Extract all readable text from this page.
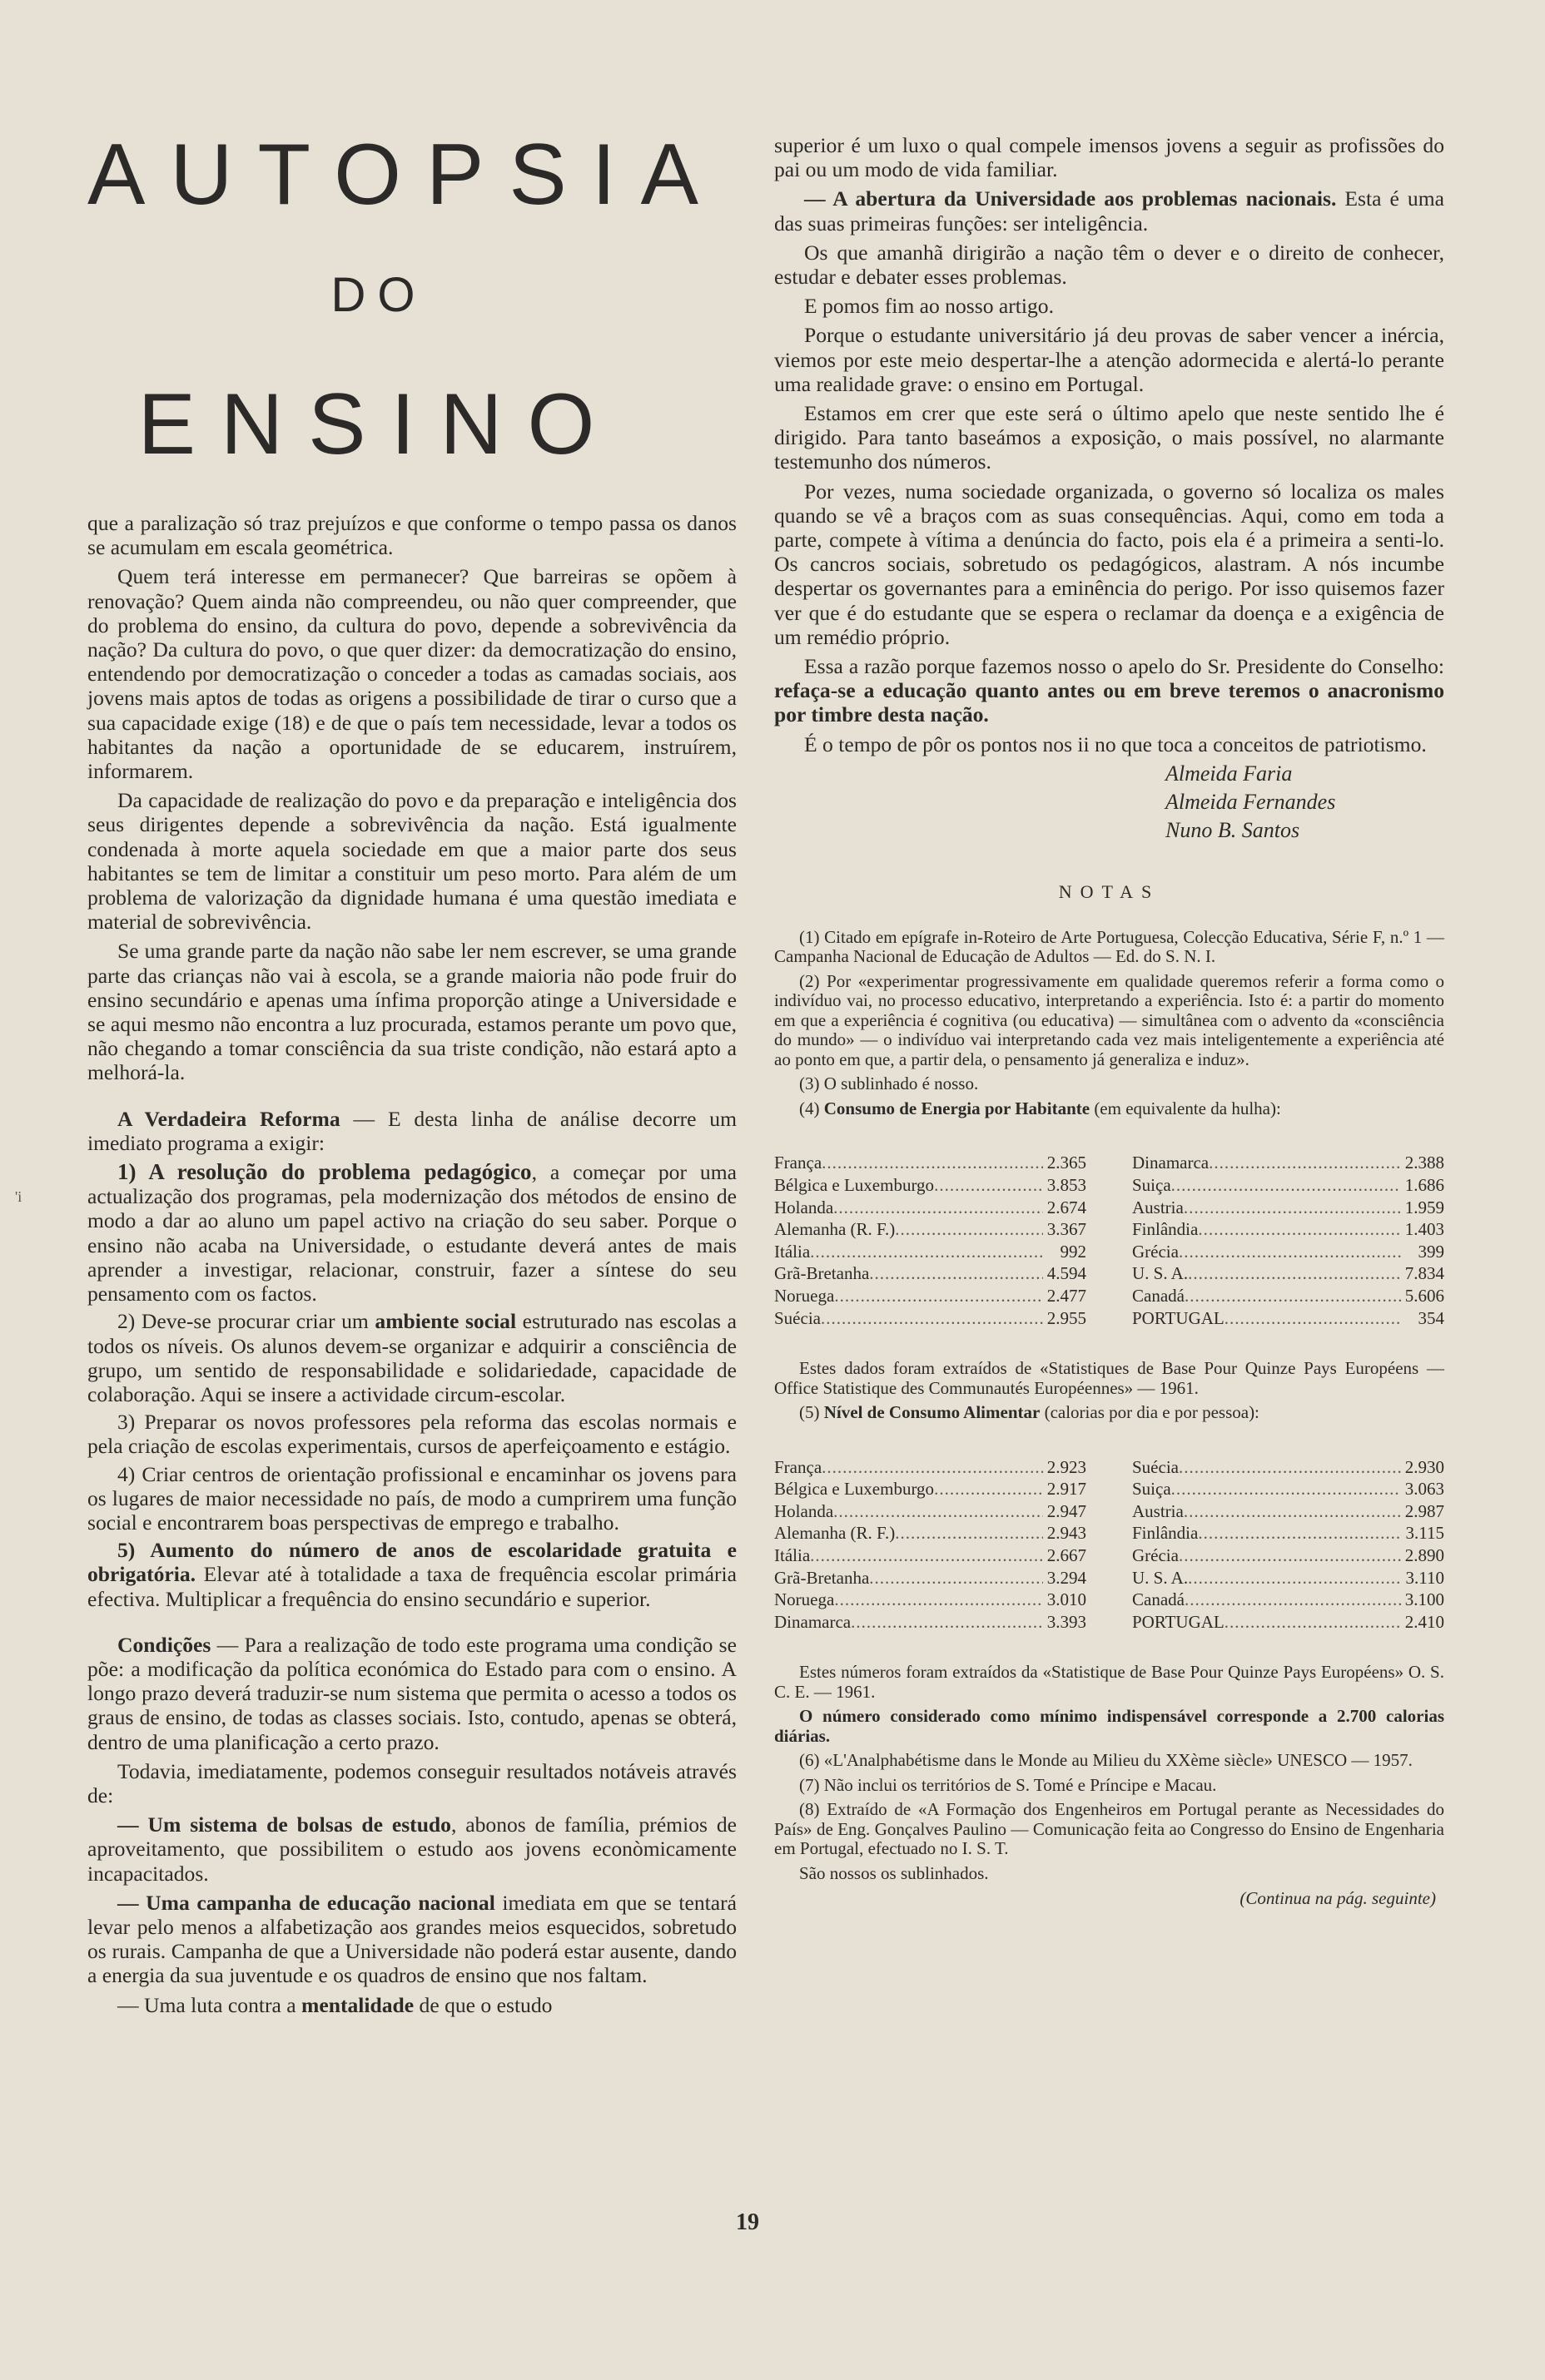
'i
AUTOPSIA
DO
ENSINO

que a paralização só traz prejuízos e que conforme o tempo passa os danos se acumulam em escala geométrica.

Quem terá interesse em permanecer? Que barreiras se opõem à renovação? Quem ainda não compreendeu, ou não quer compreender, que do problema do ensino, da cultura do povo, depende a sobrevivência da nação? Da cultura do povo, o que quer dizer: da democratização do ensino, entendendo por democratização o conceder a todas as camadas sociais, aos jovens mais aptos de todas as origens a possibilidade de tirar o curso que a sua capacidade exige (18) e de que o país tem necessidade, levar a todos os habitantes da nação a oportunidade de se educarem, instruírem, informarem.

Da capacidade de realização do povo e da preparação e inteligência dos seus dirigentes depende a sobrevivência da nação. Está igualmente condenada à morte aquela sociedade em que a maior parte dos seus habitantes se tem de limitar a constituir um peso morto. Para além de um problema de valorização da dignidade humana é uma questão imediata e material de sobrevivência.

Se uma grande parte da nação não sabe ler nem escrever, se uma grande parte das crianças não vai à escola, se a grande maioria não pode fruir do ensino secundário e apenas uma ínfima proporção atinge a Universidade e se aqui mesmo não encontra a luz procurada, estamos perante um povo que, não chegando a tomar consciência da sua triste condição, não estará apto a melhorá-la.

A Verdadeira Reforma — E desta linha de análise decorre um imediato programa a exigir:

1) A resolução do problema pedagógico, a começar por uma actualização dos programas, pela modernização dos métodos de ensino de modo a dar ao aluno um papel activo na criação do seu saber. Porque o ensino não acaba na Universidade, o estudante deverá antes de mais aprender a investigar, relacionar, construir, fazer a síntese do seu pensamento com os factos.

2) Deve-se procurar criar um ambiente social estruturado nas escolas a todos os níveis. Os alunos devem-se organizar e adquirir a consciência de grupo, um sentido de responsabilidade e solidariedade, capacidade de colaboração. Aqui se insere a actividade circum-escolar.

3) Preparar os novos professores pela reforma das escolas normais e pela criação de escolas experimentais, cursos de aperfeiçoamento e estágio.

4) Criar centros de orientação profissional e encaminhar os jovens para os lugares de maior necessidade no país, de modo a cumprirem uma função social e encontrarem boas perspectivas de emprego e trabalho.

5) Aumento do número de anos de escolaridade gratuita e obrigatória. Elevar até à totalidade a taxa de frequência escolar primária efectiva. Multiplicar a frequência do ensino secundário e superior.

Condições — Para a realização de todo este programa uma condição se põe: a modificação da política económica do Estado para com o ensino. A longo prazo deverá traduzir-se num sistema que permita o acesso a todos os graus de ensino, de todas as classes sociais. Isto, contudo, apenas se obterá, dentro de uma planificação a certo prazo.

Todavia, imediatamente, podemos conseguir resultados notáveis através de:

— Um sistema de bolsas de estudo, abonos de família, prémios de aproveitamento, que possibilitem o estudo aos jovens econòmicamente incapacitados.

— Uma campanha de educação nacional imediata em que se tentará levar pelo menos a alfabetização aos grandes meios esquecidos, sobretudo os rurais. Campanha de que a Universidade não poderá estar ausente, dando a energia da sua juventude e os quadros de ensino que nos faltam.

— Uma luta contra a mentalidade de que o estudo

superior é um luxo o qual compele imensos jovens a seguir as profissões do pai ou um modo de vida familiar.

— A abertura da Universidade aos problemas nacionais. Esta é uma das suas primeiras funções: ser inteligência.

Os que amanhã dirigirão a nação têm o dever e o direito de conhecer, estudar e debater esses problemas.

E pomos fim ao nosso artigo.

Porque o estudante universitário já deu provas de saber vencer a inércia, viemos por este meio despertar-lhe a atenção adormecida e alertá-lo perante uma realidade grave: o ensino em Portugal.

Estamos em crer que este será o último apelo que neste sentido lhe é dirigido. Para tanto baseámos a exposição, o mais possível, no alarmante testemunho dos números.

Por vezes, numa sociedade organizada, o governo só localiza os males quando se vê a braços com as suas consequências. Aqui, como em toda a parte, compete à vítima a denúncia do facto, pois ela é a primeira a senti-lo. Os cancros sociais, sobretudo os pedagógicos, alastram. A nós incumbe despertar os governantes para a eminência do perigo. Por isso quisemos fazer ver que é do estudante que se espera o reclamar da doença e a exigência de um remédio próprio.

Essa a razão porque fazemos nosso o apelo do Sr. Presidente do Conselho: refaça-se a educação quanto antes ou em breve teremos o anacronismo por timbre desta nação.

É o tempo de pôr os pontos nos ii no que toca a conceitos de patriotismo.

Almeida Faria

Almeida Fernandes

Nuno B. Santos

NOTAS

(1) Citado em epígrafe in-Roteiro de Arte Portuguesa, Colecção Educativa, Série F, n.º 1 — Campanha Nacional de Educação de Adultos — Ed. do S. N. I.

(2) Por «experimentar progressivamente em qualidade queremos referir a forma como o indivíduo vai, no processo educativo, interpretando a experiência. Isto é: a partir do momento em que a experiência é cognitiva (ou educativa) — simultânea com o advento da «consciência do mundo» — o indivíduo vai interpretando cada vez mais inteligentemente a experiência até ao ponto em que, a partir dela, o pensamento já generaliza e induz».

(3) O sublinhado é nosso.

(4) Consumo de Energia por Habitante (em equivalente da hulha):

França .....	2.365
Bélgica e Luxemburgo .....	3.853
Holanda .....	2.674
Alemanha (R. F.) .....	3.367
Itália .....	992
Grã-Bretanha .....	4.594
Noruega .....	2.477
Suécia .....	2.955
Dinamarca .....	2.388
Suiça .....	1.686
Austria .....	1.959
Finlândia .....	1.403
Grécia .....	399
U. S. A. .....	7.834
Canadá .....	5.606
PORTUGAL .....	354

Estes dados foram extraídos de «Statistiques de Base Pour Quinze Pays Européens — Office Statistique des Communautés Européennes» — 1961.

(5) Nível de Consumo Alimentar (calorias por dia e por pessoa):

França .....	2.923
Bélgica e Luxemburgo .....	2.917
Holanda .....	2.947
Alemanha (R. F.) .....	2.943
Itália .....	2.667
Grã-Bretanha .....	3.294
Noruega .....	3.010
Dinamarca .....	3.393
Suécia .....	2.930
Suiça .....	3.063
Austria .....	2.987
Finlândia .....	3.115
Grécia .....	2.890
U. S. A. .....	3.110
Canadá .....	3.100
PORTUGAL .....	2.410

Estes números foram extraídos da «Statistique de Base Pour Quinze Pays Européens» O. S. C. E. — 1961.

O número considerado como mínimo indispensável corresponde a 2.700 calorias diárias.

(6) «L'Analphabétisme dans le Monde au Milieu du XXème siècle» UNESCO — 1957.

(7) Não inclui os territórios de S. Tomé e Príncipe e Macau.

(8) Extraído de «A Formação dos Engenheiros em Portugal perante as Necessidades do País» de Eng. Gonçalves Paulino — Comunicação feita ao Congresso do Ensino de Engenharia em Portugal, efectuado no I. S. T.

São nossos os sublinhados.

(Continua na pág. seguinte)

19
